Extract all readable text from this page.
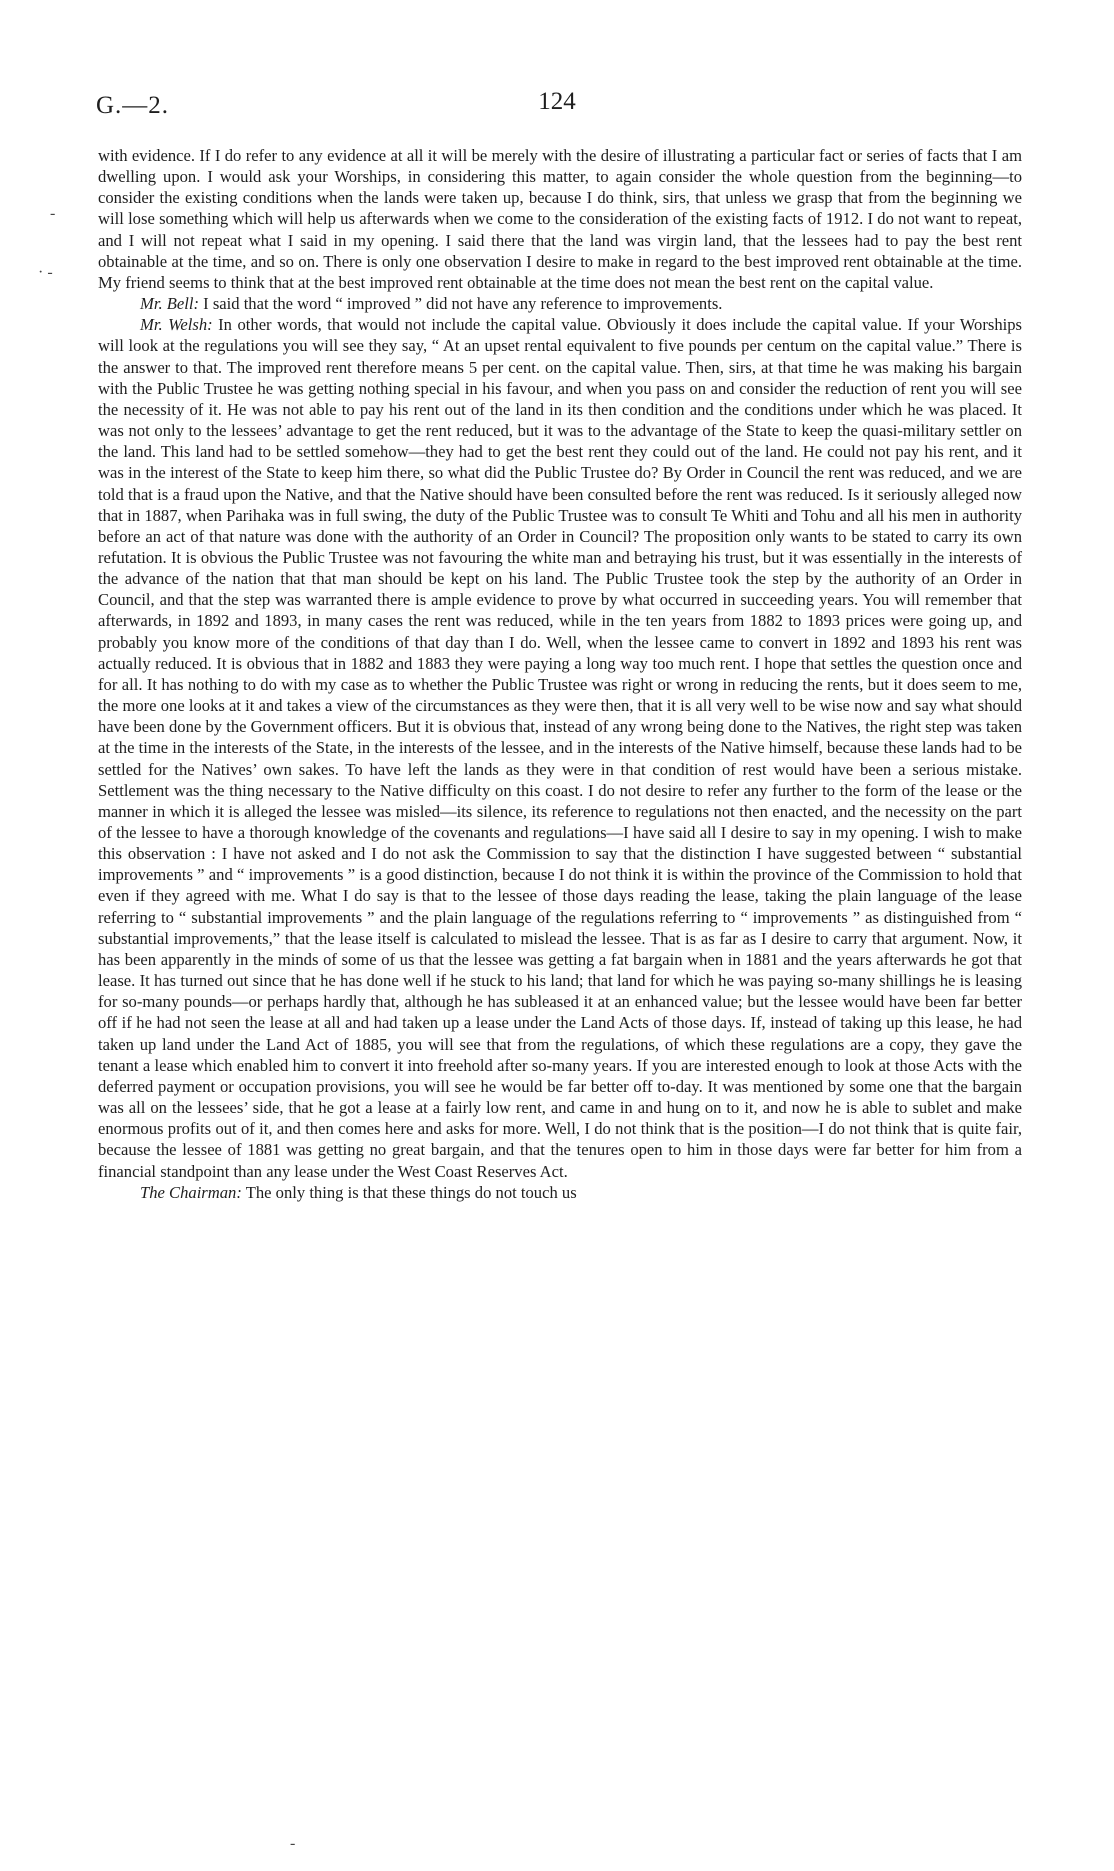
G.—2.	124
-
· -
-

with evidence. If I do refer to any evidence at all it will be merely with the desire of illustrating a particular fact or series of facts that I am dwelling upon. I would ask your Worships, in considering this matter, to again consider the whole question from the beginning—to consider the existing conditions when the lands were taken up, because I do think, sirs, that unless we grasp that from the beginning we will lose something which will help us afterwards when we come to the consideration of the existing facts of 1912. I do not want to repeat, and I will not repeat what I said in my opening. I said there that the land was virgin land, that the lessees had to pay the best rent obtainable at the time, and so on. There is only one observation I desire to make in regard to the best improved rent obtainable at the time. My friend seems to think that at the best improved rent obtainable at the time does not mean the best rent on the capital value.

Mr. Bell: I said that the word “ improved ” did not have any reference to improvements.

Mr. Welsh: In other words, that would not include the capital value. Obviously it does include the capital value. If your Worships will look at the regulations you will see they say, “ At an upset rental equivalent to five pounds per centum on the capital value.” There is the answer to that. The improved rent therefore means 5 per cent. on the capital value. Then, sirs, at that time he was making his bargain with the Public Trustee he was getting nothing special in his favour, and when you pass on and consider the reduction of rent you will see the necessity of it. He was not able to pay his rent out of the land in its then condition and the conditions under which he was placed. It was not only to the lessees’ advantage to get the rent reduced, but it was to the advantage of the State to keep the quasi-military settler on the land. This land had to be settled somehow—they had to get the best rent they could out of the land. He could not pay his rent, and it was in the interest of the State to keep him there, so what did the Public Trustee do? By Order in Council the rent was reduced, and we are told that is a fraud upon the Native, and that the Native should have been consulted before the rent was reduced. Is it seriously alleged now that in 1887, when Parihaka was in full swing, the duty of the Public Trustee was to consult Te Whiti and Tohu and all his men in authority before an act of that nature was done with the authority of an Order in Council? The proposition only wants to be stated to carry its own refutation. It is obvious the Public Trustee was not favouring the white man and betraying his trust, but it was essentially in the interests of the advance of the nation that that man should be kept on his land. The Public Trustee took the step by the authority of an Order in Council, and that the step was warranted there is ample evidence to prove by what occurred in succeeding years. You will remember that afterwards, in 1892 and 1893, in many cases the rent was reduced, while in the ten years from 1882 to 1893 prices were going up, and probably you know more of the conditions of that day than I do. Well, when the lessee came to convert in 1892 and 1893 his rent was actually reduced. It is obvious that in 1882 and 1883 they were paying a long way too much rent. I hope that settles the question once and for all. It has nothing to do with my case as to whether the Public Trustee was right or wrong in reducing the rents, but it does seem to me, the more one looks at it and takes a view of the circumstances as they were then, that it is all very well to be wise now and say what should have been done by the Government officers. But it is obvious that, instead of any wrong being done to the Natives, the right step was taken at the time in the interests of the State, in the interests of the lessee, and in the interests of the Native himself, because these lands had to be settled for the Natives’ own sakes. To have left the lands as they were in that condition of rest would have been a serious mistake. Settlement was the thing necessary to the Native difficulty on this coast. I do not desire to refer any further to the form of the lease or the manner in which it is alleged the lessee was misled—its silence, its reference to regulations not then enacted, and the necessity on the part of the lessee to have a thorough knowledge of the covenants and regulations—I have said all I desire to say in my opening. I wish to make this observation : I have not asked and I do not ask the Commission to say that the distinction I have suggested between “ substantial improvements ” and “ improvements ” is a good distinction, because I do not think it is within the province of the Commission to hold that even if they agreed with me. What I do say is that to the lessee of those days reading the lease, taking the plain language of the lease referring to “ substantial improvements ” and the plain language of the regulations referring to “ improvements ” as distinguished from “ substantial improvements,” that the lease itself is calculated to mislead the lessee. That is as far as I desire to carry that argument. Now, it has been apparently in the minds of some of us that the lessee was getting a fat bargain when in 1881 and the years afterwards he got that lease. It has turned out since that he has done well if he stuck to his land; that land for which he was paying so-many shillings he is leasing for so-many pounds—or perhaps hardly that, although he has subleased it at an enhanced value; but the lessee would have been far better off if he had not seen the lease at all and had taken up a lease under the Land Acts of those days. If, instead of taking up this lease, he had taken up land under the Land Act of 1885, you will see that from the regulations, of which these regulations are a copy, they gave the tenant a lease which enabled him to convert it into freehold after so-many years. If you are interested enough to look at those Acts with the deferred payment or occupation provisions, you will see he would be far better off to-day. It was mentioned by some one that the bargain was all on the lessees’ side, that he got a lease at a fairly low rent, and came in and hung on to it, and now he is able to sublet and make enormous profits out of it, and then comes here and asks for more. Well, I do not think that is the position—I do not think that is quite fair, because the lessee of 1881 was getting no great bargain, and that the tenures open to him in those days were far better for him from a financial standpoint than any lease under the West Coast Reserves Act.

The Chairman: The only thing is that these things do not touch us
